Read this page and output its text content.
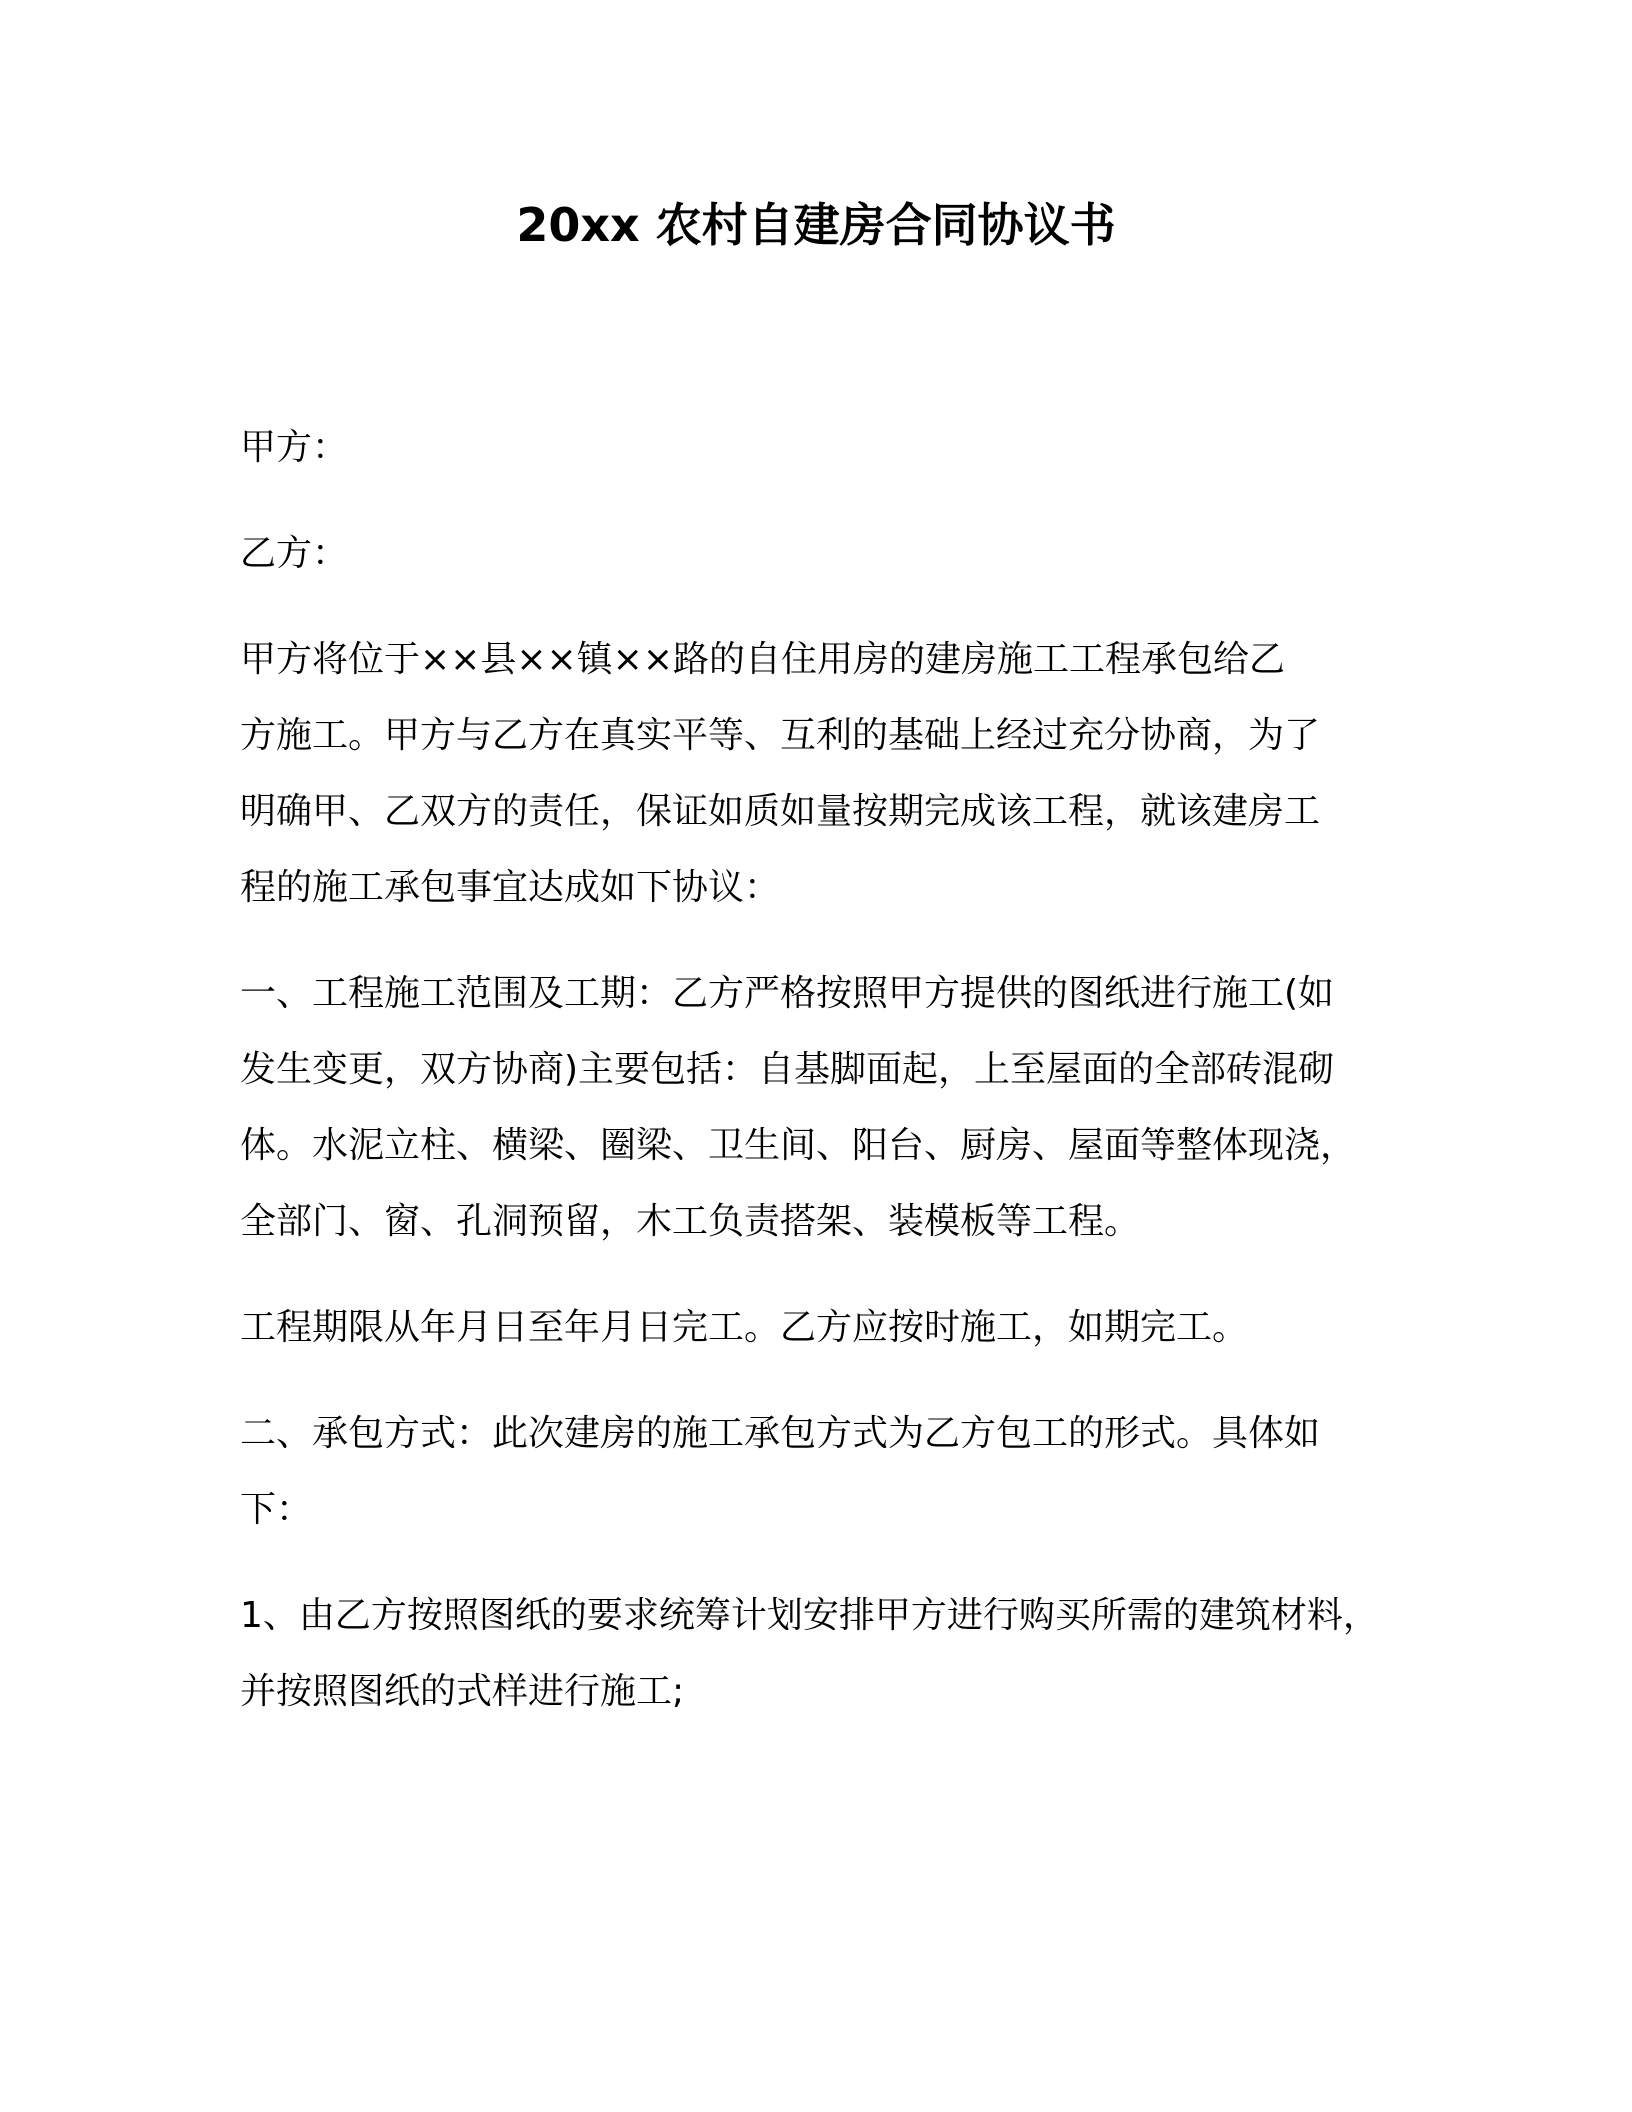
20xx 农村自建房合同协议书
甲方：
乙方：
甲方将位于××县××镇××路的自住用房的建房施工工程承包给乙
方施工。甲方与乙方在真实平等、互利的基础上经过充分协商，为了
明确甲、乙双方的责任，保证如质如量按期完成该工程，就该建房工
程的施工承包事宜达成如下协议：
一、工程施工范围及工期：乙方严格按照甲方提供的图纸进行施工(如
发生变更，双方协商)主要包括：自基脚面起，上至屋面的全部砖混砌
体。水泥立柱、横梁、圈梁、卫生间、阳台、厨房、屋面等整体现浇，
全部门、窗、孔洞预留，木工负责搭架、装模板等工程。
工程期限从年月日至年月日完工。乙方应按时施工，如期完工。
二、承包方式：此次建房的施工承包方式为乙方包工的形式。具体如
下：
1、由乙方按照图纸的要求统筹计划安排甲方进行购买所需的建筑材料，
并按照图纸的式样进行施工;
